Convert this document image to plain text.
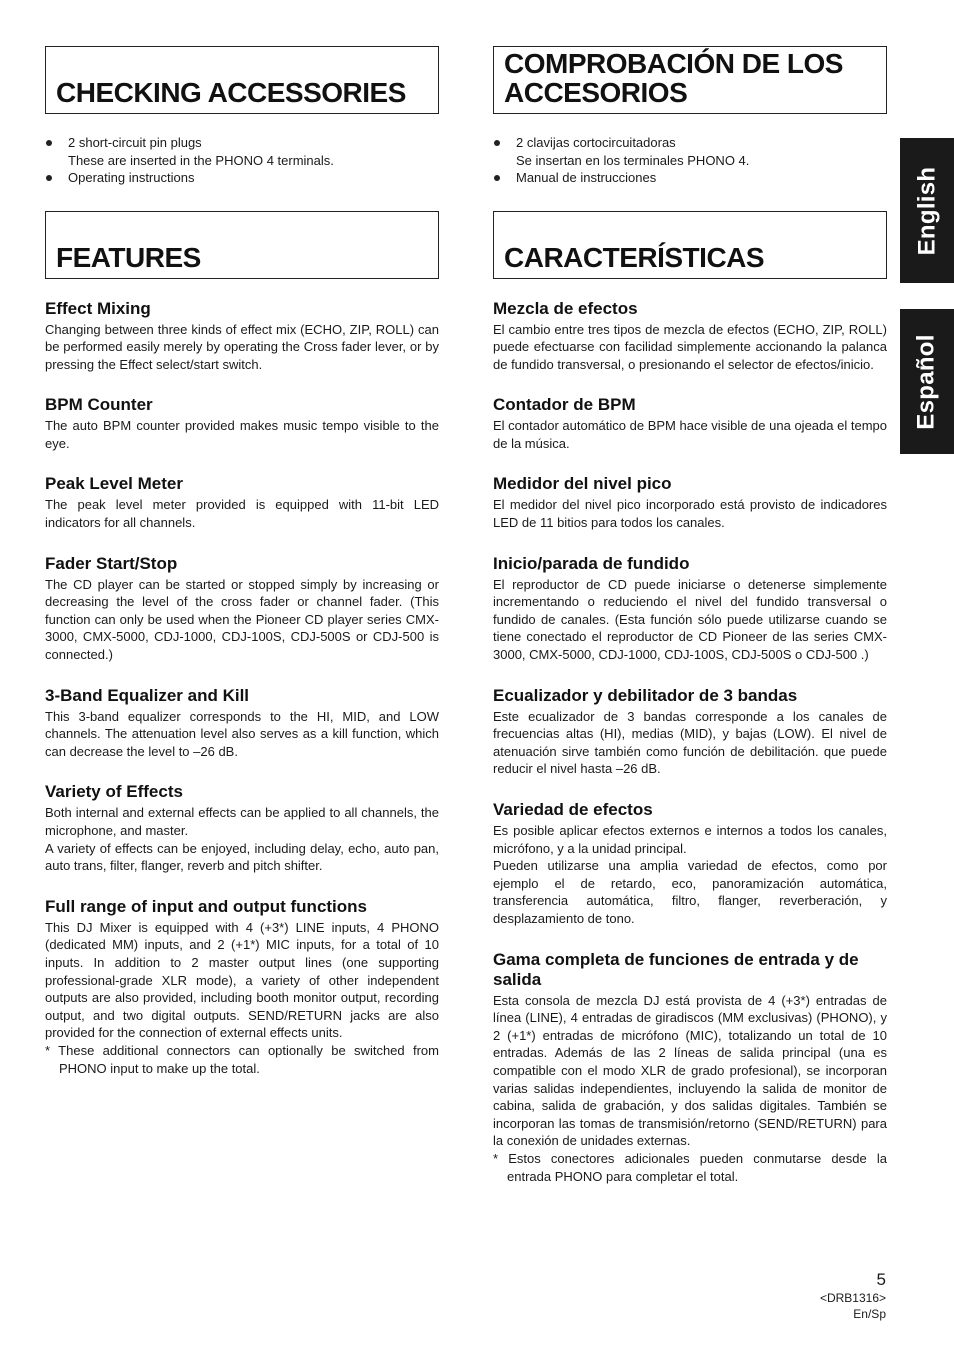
CHECKING ACCESSORIES
2 short-circuit pin plugs
These are inserted in the PHONO 4 terminals.
Operating instructions
FEATURES
Effect Mixing

Changing between three kinds of effect mix (ECHO, ZIP, ROLL) can be performed easily merely by operating the Cross fader lever, or by pressing the Effect select/start switch.

BPM Counter

The auto BPM counter provided makes music tempo visible to the eye.

Peak Level Meter

The peak level meter provided is equipped with 11-bit LED indicators for all channels.

Fader Start/Stop

The CD player can be started or stopped simply by increasing or decreasing the level of the cross fader or channel fader. (This function can only be used when the Pioneer CD player series CMX-3000, CMX-5000, CDJ-1000, CDJ-100S, CDJ-500S or CDJ-500 is connected.)

3-Band Equalizer and Kill

This 3-band equalizer corresponds to the HI, MID, and LOW channels. The attenuation level also serves as a kill function, which can decrease the level to –26 dB.

Variety of Effects

Both internal and external effects can be applied to all channels, the microphone, and master.

A variety of effects can be enjoyed, including delay, echo, auto pan, auto trans, filter, flanger, reverb and pitch shifter.

Full range of input and output functions

This DJ Mixer is equipped with 4 (+3*) LINE inputs, 4 PHONO (dedicated MM) inputs, and 2 (+1*) MIC inputs, for a total of 10 inputs. In addition to 2 master output lines (one supporting professional-grade XLR mode), a variety of other independent outputs are also provided, including booth monitor output, recording output, and two digital outputs. SEND/RETURN jacks are also provided for the connection of external effects units.

* These additional connectors can optionally be switched from PHONO input to make up the total.

COMPROBACIÓN DE LOS ACCESORIOS
2 clavijas cortocircuitadoras
Se insertan en los terminales PHONO 4.
Manual de instrucciones
CARACTERÍSTICAS
Mezcla de efectos

El cambio entre tres tipos de mezcla de efectos (ECHO, ZIP, ROLL) puede efectuarse con facilidad simplemente accionando la palanca de fundido transversal, o presionando el selector de efectos/inicio.

Contador de BPM

El contador automático de BPM hace visible de una ojeada el tempo de la música.

Medidor del nivel pico

El medidor del nivel pico incorporado está provisto de indicadores LED de 11 bitios para todos los canales.

Inicio/parada de fundido

El reproductor de CD puede iniciarse o detenerse simplemente incrementando o reduciendo el nivel del fundido transversal o fundido de canales. (Esta función sólo puede utilizarse cuando se tiene conectado el reproductor de CD Pioneer de las series CMX-3000, CMX-5000, CDJ-1000, CDJ-100S, CDJ-500S o CDJ-500 .)

Ecualizador y debilitador de 3 bandas

Este ecualizador de 3 bandas corresponde a los canales de frecuencias altas (HI), medias (MID), y bajas (LOW). El nivel de atenuación sirve también como función de debilitación. que puede reducir el nivel hasta –26 dB.

Variedad de efectos

Es posible aplicar efectos externos e internos a todos los canales, micrófono, y a la unidad principal.

Pueden utilizarse una amplia variedad de efectos, como por ejemplo el de retardo, eco, panoramización automática, transferencia automática, filtro, flanger, reverberación, y desplazamiento de tono.

Gama completa de funciones de entrada y de salida

Esta consola de mezcla DJ está provista de 4 (+3*) entradas de línea (LINE), 4 entradas de giradiscos (MM exclusivas) (PHONO), y 2 (+1*) entradas de micrófono (MIC), totalizando un total de 10 entradas. Además de las 2 líneas de salida principal (una es compatible con el modo XLR de grado profesional), se incorporan varias salidas independientes, incluyendo la salida de monitor de cabina, salida de grabación, y dos salidas digitales. También se incorporan las tomas de transmisión/retorno (SEND/RETURN) para la conexión de unidades externas.

* Estos conectores adicionales pueden conmutarse desde la entrada PHONO para completar el total.

English
Español
5
<DRB1316>
En/Sp
